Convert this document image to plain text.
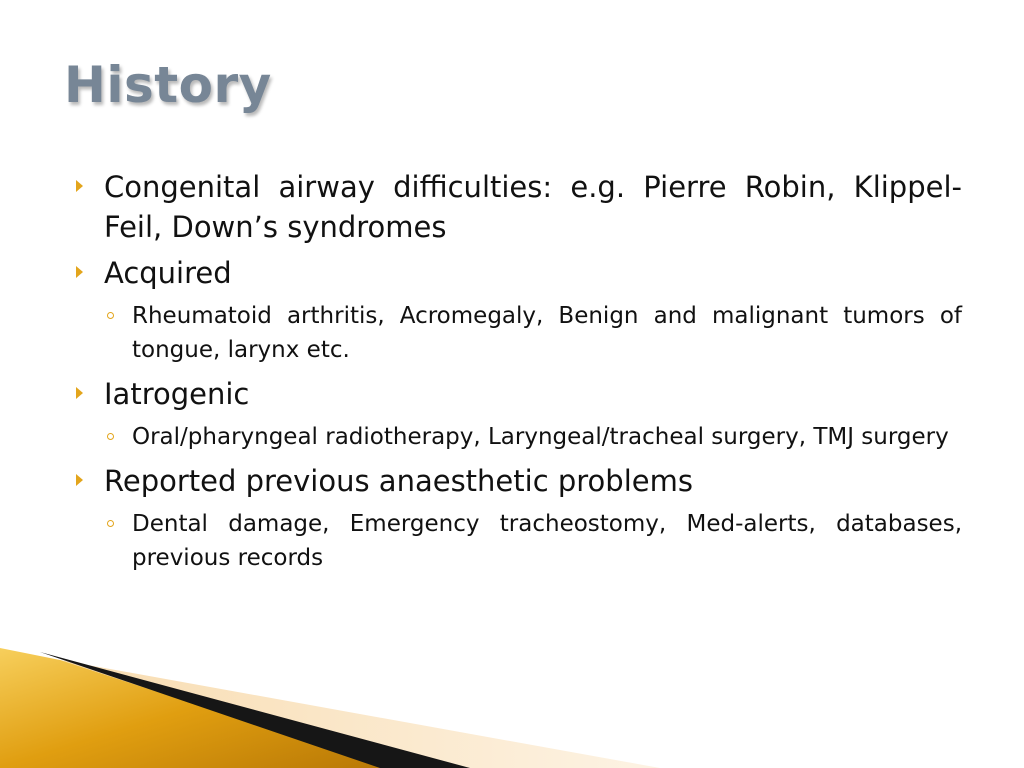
History
Congenital airway difficulties: e.g. Pierre Robin, Klippel-Feil, Down’s syndromes
Acquired
Rheumatoid arthritis, Acromegaly, Benign and malignant tumors of tongue, larynx etc.
Iatrogenic
Oral/pharyngeal radiotherapy, Laryngeal/tracheal surgery, TMJ surgery
Reported previous anaesthetic problems
Dental damage, Emergency tracheostomy, Med-alerts, databases, previous records
